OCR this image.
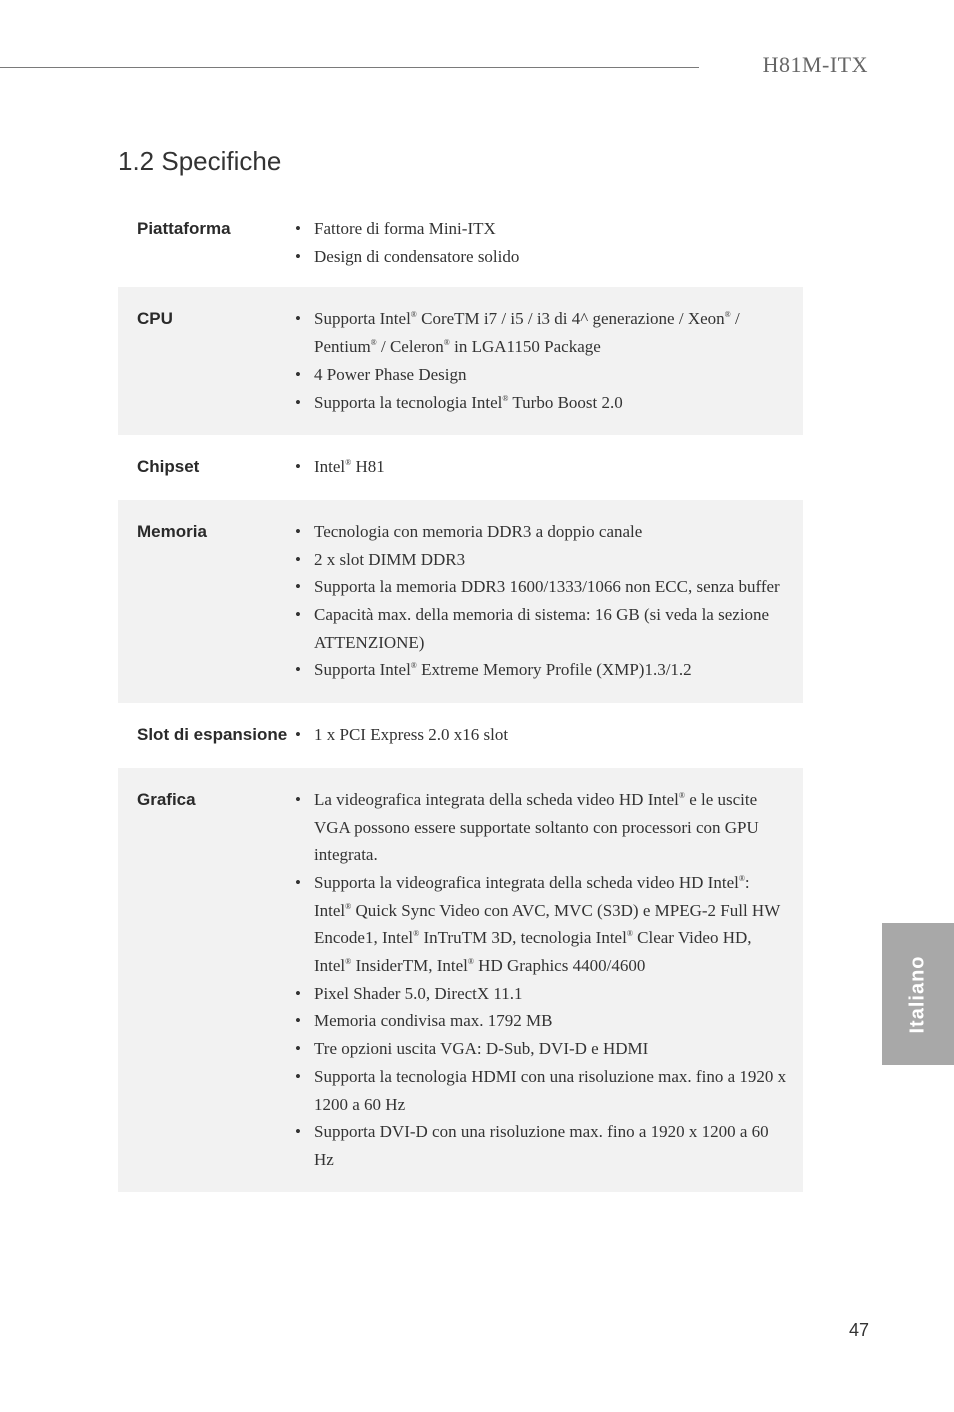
H81M-ITX
1.2 Specifiche
Piattaforma	• Fattore di forma Mini-ITX
• Design di condensatore solido
CPU	• Supporta Intel® CoreTM i7 / i5 / i3 di 4^ generazione / Xeon® / Pentium® / Celeron® in LGA1150 Package
• 4 Power Phase Design
• Supporta la tecnologia Intel® Turbo Boost 2.0
Chipset	• Intel® H81
Memoria	• Tecnologia con memoria DDR3 a doppio canale
• 2 x slot DIMM DDR3
• Supporta la memoria DDR3 1600/1333/1066 non ECC, senza buffer
• Capacità max. della memoria di sistema: 16 GB (si veda la sezione ATTENZIONE)
• Supporta Intel® Extreme Memory Profile (XMP)1.3/1.2
Slot di espansione	• 1 x PCI Express 2.0 x16 slot
Grafica	• La videografica integrata della scheda video HD Intel® e le uscite VGA possono essere supportate soltanto con processori con GPU integrata.
• Supporta la videografica integrata della scheda video HD Intel®: Intel® Quick Sync Video con AVC, MVC (S3D) e MPEG-2 Full HW Encode1, Intel® InTruTM 3D, tecnologia Intel® Clear Video HD, Intel® InsiderTM, Intel® HD Graphics 4400/4600
• Pixel Shader 5.0, DirectX 11.1
• Memoria condivisa max. 1792 MB
• Tre opzioni uscita VGA: D-Sub, DVI-D e HDMI
• Supporta la tecnologia HDMI con una risoluzione max. fino a 1920 x 1200 a 60 Hz
• Supporta DVI-D con una risoluzione max. fino a 1920 x 1200 a 60 Hz
Italiano
47
